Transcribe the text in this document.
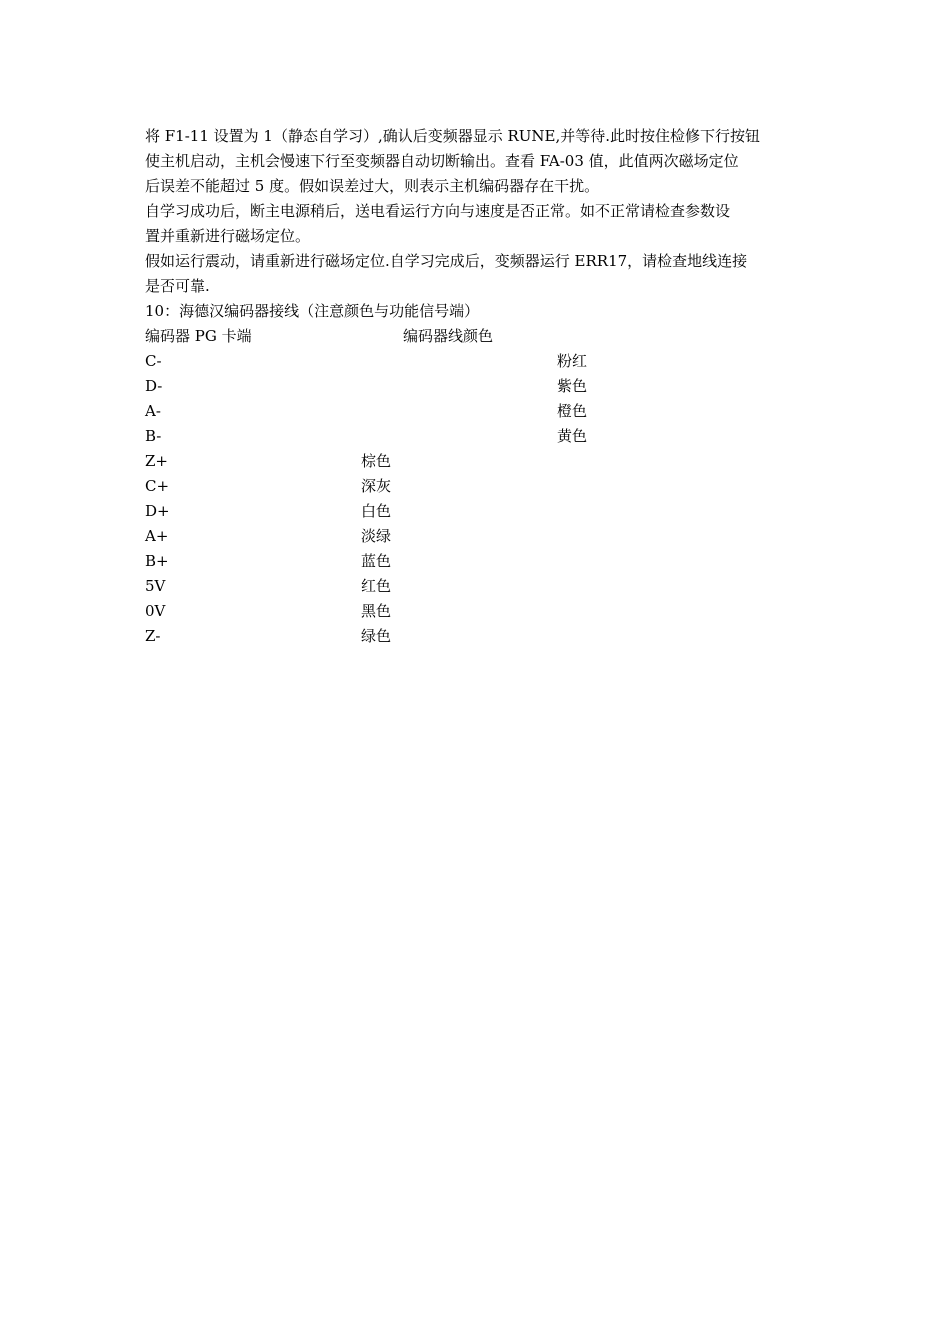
将 F1-11 设置为 1（静态自学习）,确认后变频器显示 RUNE,并等待.此时按住检修下行按钮
使主机启动，主机会慢速下行至变频器自动切断输出。查看 FA-03 值，此值两次磁场定位
后误差不能超过 5 度。假如误差过大，则表示主机编码器存在干扰。
自学习成功后，断主电源稍后，送电看运行方向与速度是否正常。如不正常请检查参数设
置并重新进行磁场定位。
假如运行震动，请重新进行磁场定位.自学习完成后，变频器运行 ERR17，请检查地线连接
是否可靠.
10：海德汉编码器接线（注意颜色与功能信号端）
编码器 PG 卡端	编码器线颜色
C-	粉红
D-	紫色
A-	橙色
B-	黄色
Z+	棕色
C+	深灰
D+	白色
A+	淡绿
B+	蓝色
5V	红色
0V	黑色
Z-	绿色
